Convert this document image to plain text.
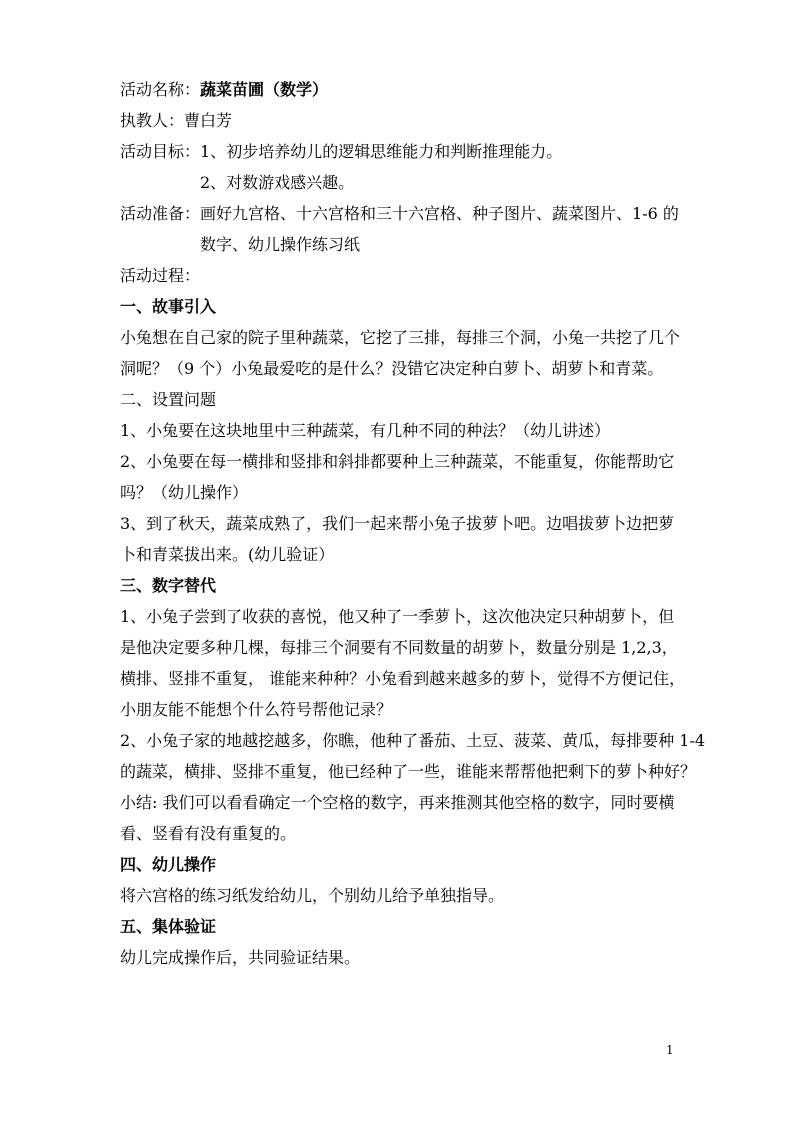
活动名称：蔬菜苗圃（数学）
执教人：曹白芳
活动目标：1、初步培养幼儿的逻辑思维能力和判断推理能力。
2、对数游戏感兴趣。
活动准备：画好九宫格、十六宫格和三十六宫格、种子图片、蔬菜图片、1-6 的
数字、幼儿操作练习纸
活动过程：
一、故事引入
小兔想在自己家的院子里种蔬菜，它挖了三排，每排三个洞，小兔一共挖了几个
洞呢？（9 个）小兔最爱吃的是什么？没错它决定种白萝卜、胡萝卜和青菜。
二、设置问题
1、小兔要在这块地里中三种蔬菜，有几种不同的种法？（幼儿讲述）
2、小兔要在每一横排和竖排和斜排都要种上三种蔬菜，不能重复，你能帮助它
吗？（幼儿操作）
3、到了秋天，蔬菜成熟了，我们一起来帮小兔子拔萝卜吧。边唱拔萝卜边把萝
卜和青菜拔出来。(幼儿验证）
三、数字替代
1、小兔子尝到了收获的喜悦，他又种了一季萝卜，这次他决定只种胡萝卜，但
是他决定要多种几棵，每排三个洞要有不同数量的胡萝卜，数量分别是 1,2,3，
横排、竖排不重复， 谁能来种种？小兔看到越来越多的萝卜，觉得不方便记住，
小朋友能不能想个什么符号帮他记录？
2、小兔子家的地越挖越多，你瞧，他种了番茄、土豆、菠菜、黄瓜，每排要种 1-4
的蔬菜，横排、竖排不重复，他已经种了一些，谁能来帮帮他把剩下的萝卜种好？
小结: 我们可以看看确定一个空格的数字，再来推测其他空格的数字，同时要横
看、竖看有没有重复的。
四、幼儿操作
将六宫格的练习纸发给幼儿，个别幼儿给予单独指导。
五、集体验证
幼儿完成操作后，共同验证结果。
1
